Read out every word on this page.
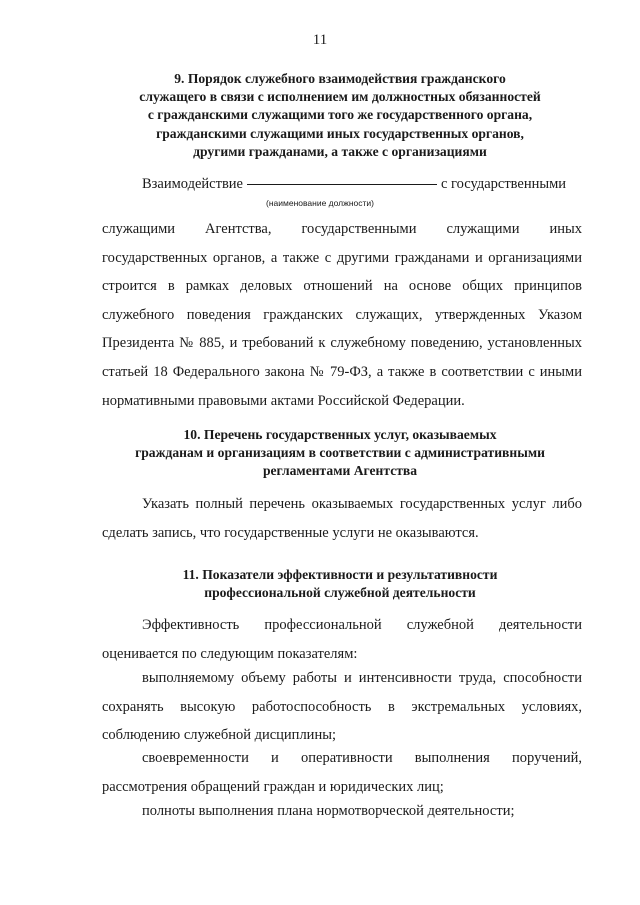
11
9. Порядок служебного взаимодействия гражданского
служащего в связи с исполнением им должностных обязанностей
с гражданскими служащими того же государственного органа,
гражданскими служащими иных государственных органов,
другими гражданами, а также с организациями
Взаимодействие	с государственными
(наименование должности)
служащими Агентства, государственными служащими иных
государственных органов, а также с другими гражданами и организациями
строится в рамках деловых отношений на основе общих принципов
служебного поведения гражданских служащих, утвержденных Указом
Президента № 885, и требований к служебному поведению, установленных
статьей 18 Федерального закона № 79-ФЗ, а также в соответствии с иными
нормативными правовыми актами Российской Федерации.
10. Перечень государственных услуг, оказываемых
гражданам и организациям в соответствии с административными
регламентами Агентства
Указать полный перечень оказываемых государственных услуг либо
сделать запись, что государственные услуги не оказываются.
11. Показатели эффективности и результативности
профессиональной служебной деятельности
Эффективность профессиональной служебной деятельности
оценивается по следующим показателям:
выполняемому объему работы и интенсивности труда, способности
сохранять высокую работоспособность в экстремальных условиях,
соблюдению служебной дисциплины;
своевременности и оперативности выполнения поручений,
рассмотрения обращений граждан и юридических лиц;
полноты выполнения плана нормотворческой деятельности;
